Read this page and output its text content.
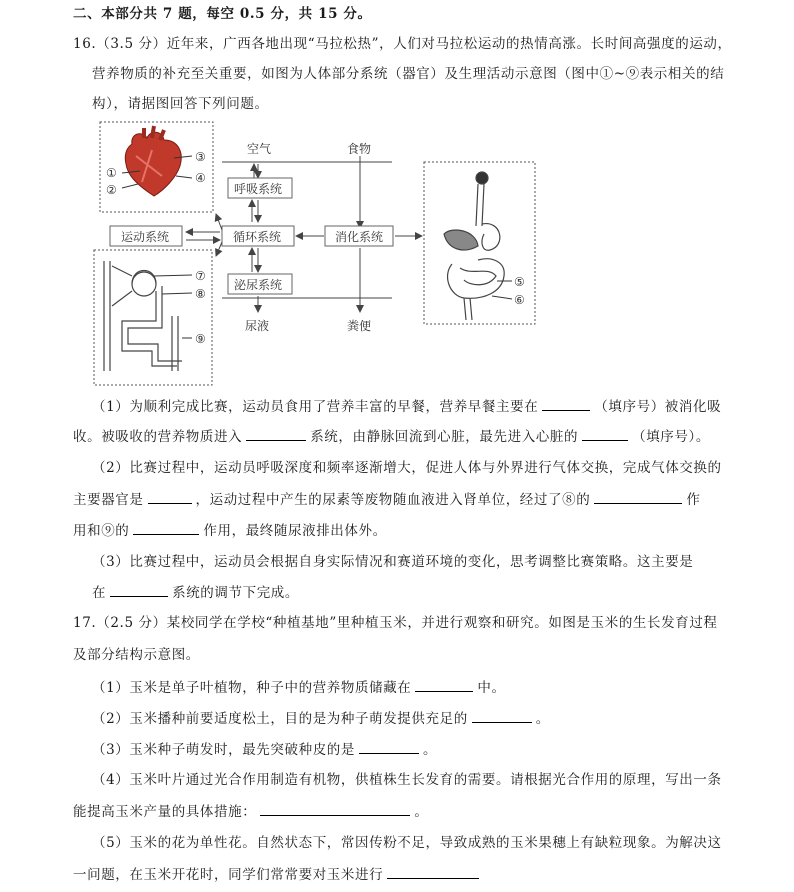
二、本部分共 7 题，每空 0.5 分，共 15 分。
16.（3.5 分）近年来，广西各地出现“马拉松热”，人们对马拉松运动的热情高涨。长时间高强度的运动，
营养物质的补充至关重要，如图为人体部分系统（器官）及生理活动示意图（图中①~⑨表示相关的结
构），请据图回答下列问题。
①
②
③
④
⑦
⑧
⑨
⑤
⑥
空气	食物
呼吸系统
循环系统	消化系统
运动系统
泌尿系统
尿液	粪便
（1）为顺利完成比赛，运动员食用了营养丰富的早餐，营养早餐主要在	（填序号）被消化吸
收。被吸收的营养物质进入	系统，由静脉回流到心脏，最先进入心脏的	（填序号）。
（2）比赛过程中，运动员呼吸深度和频率逐渐增大，促进人体与外界进行气体交换，完成气体交换的
主要器官是	，运动过程中产生的尿素等废物随血液进入肾单位，经过了⑧的	作
用和⑨的	作用，最终随尿液排出体外。
（3）比赛过程中，运动员会根据自身实际情况和赛道环境的变化，思考调整比赛策略。这主要是
在	系统的调节下完成。
17.（2.5 分）某校同学在学校“种植基地”里种植玉米，并进行观察和研究。如图是玉米的生长发育过程
及部分结构示意图。
（1）玉米是单子叶植物，种子中的营养物质储藏在	中。
（2）玉米播种前要适度松土，目的是为种子萌发提供充足的	。
（3）玉米种子萌发时，最先突破种皮的是	。
（4）玉米叶片通过光合作用制造有机物，供植株生长发育的需要。请根据光合作用的原理，写出一条
能提高玉米产量的具体措施：	。
（5）玉米的花为单性花。自然状态下，常因传粉不足，导致成熟的玉米果穗上有缺粒现象。为解决这
一问题，在玉米开花时，同学们常常要对玉米进行
